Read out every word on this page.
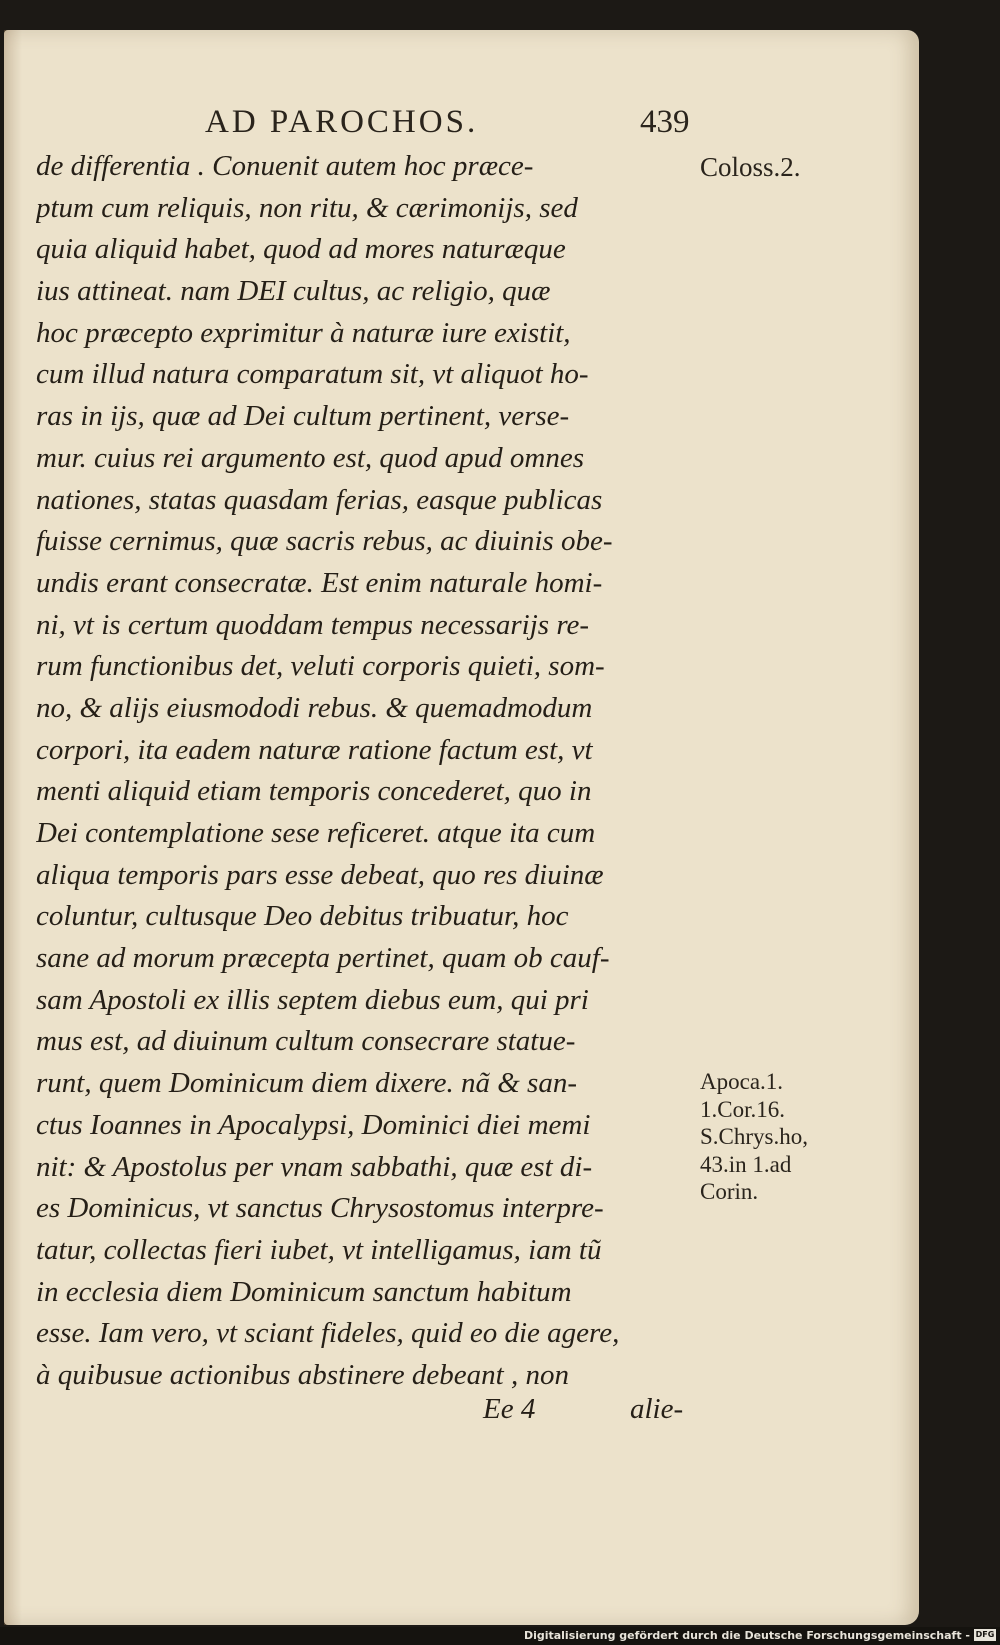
AD PAROCHOS.	439
Coloss.2.
de differentia . Conuenit autem hoc præce-
ptum cum reliquis, non ritu, & cærimonijs, sed
quia aliquid habet, quod ad mores naturæque
ius attineat. nam DEI cultus, ac religio, quæ
hoc præcepto exprimitur à naturæ iure existit,
cum illud natura comparatum sit, vt aliquot ho-
ras in ijs, quæ ad Dei cultum pertinent, verse-
mur. cuius rei argumento est, quod apud omnes
nationes, statas quasdam ferias, easque publicas
fuisse cernimus, quæ sacris rebus, ac diuinis obe-
undis erant consecratæ. Est enim naturale homi-
ni, vt is certum quoddam tempus necessarijs re-
rum functionibus det, veluti corporis quieti, som-
no, & alijs eiusmododi rebus. & quemadmodum
corpori, ita eadem naturæ ratione factum est, vt
menti aliquid etiam temporis concederet, quo in
Dei contemplatione sese reficeret. atque ita cum
aliqua temporis pars esse debeat, quo res diuinæ
coluntur, cultusque Deo debitus tribuatur, hoc
sane ad morum præcepta pertinet, quam ob cauf-
sam Apostoli ex illis septem diebus eum, qui pri
mus est, ad diuinum cultum consecrare statue-
runt, quem Dominicum diem dixere. nã & san-
ctus Ioannes in Apocalypsi, Dominici diei memi
nit: & Apostolus per vnam sabbathi, quæ est di-
es Dominicus, vt sanctus Chrysostomus interpre-
tatur, collectas fieri iubet, vt intelligamus, iam tũ
in ecclesia diem Dominicum sanctum habitum
esse. Iam vero, vt sciant fideles, quid eo die agere,
à quibusue actionibus abstinere debeant , non
Apoca.1.
1.Cor.16.
S.Chrys.ho,
43.in 1.ad
Corin.
Ee 4	alie-
Digitalisierung gefördert durch die Deutsche Forschungsgemeinschaft - DFG
